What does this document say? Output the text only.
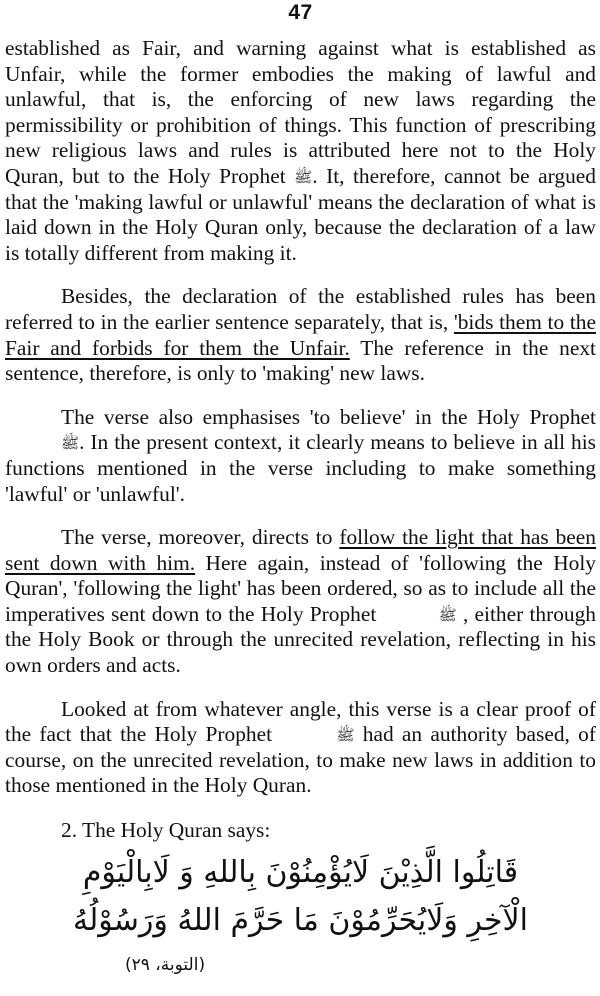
47

established as Fair, and warning against what is established as Unfair, while the former embodies the making of lawful and unlawful, that is, the enforcing of new laws regarding the permissibility or prohibition of things. This function of prescribing new religious laws and rules is attributed here not to the Holy Quran, but to the Holy Prophet ﷺ. It, therefore, cannot be argued that the 'making lawful or unlawful' means the declaration of what is laid down in the Holy Quran only, because the declaration of a law is totally different from making it.

Besides, the declaration of the established rules has been referred to in the earlier sentence separately, that is, 'bids them to the Fair and forbids for them the Unfair. The reference in the next sentence, therefore, is only to 'making' new laws.

The verse also emphasises 'to believe' in the Holy Prophet ﷺ. In the present context, it clearly means to believe in all his functions mentioned in the verse including to make something 'lawful' or 'unlawful'.

The verse, moreover, directs to follow the light that has been sent down with him. Here again, instead of 'following the Holy Quran', 'following the light' has been ordered, so as to include all the imperatives sent down to the Holy Prophet	ﷺ , either through the Holy Book or through the unrecited revelation, reflecting in his own orders and acts.

Looked at from whatever angle, this verse is a clear proof of the fact that the Holy Prophet	ﷺ had an authority based, of course, on the unrecited revelation, to make new laws in addition to those mentioned in the Holy Quran.

2. The Holy Quran says:
قَاتِلُوا الَّذِيْنَ لَايُؤْمِنُوْنَ بِاللهِ وَ لَابِالْيَوْمِ
الْآخِرِ وَلَايُحَرِّمُوْنَ مَا حَرَّمَ اللهُ وَرَسُوْلُهُ
(التوبة، ٢٩)
